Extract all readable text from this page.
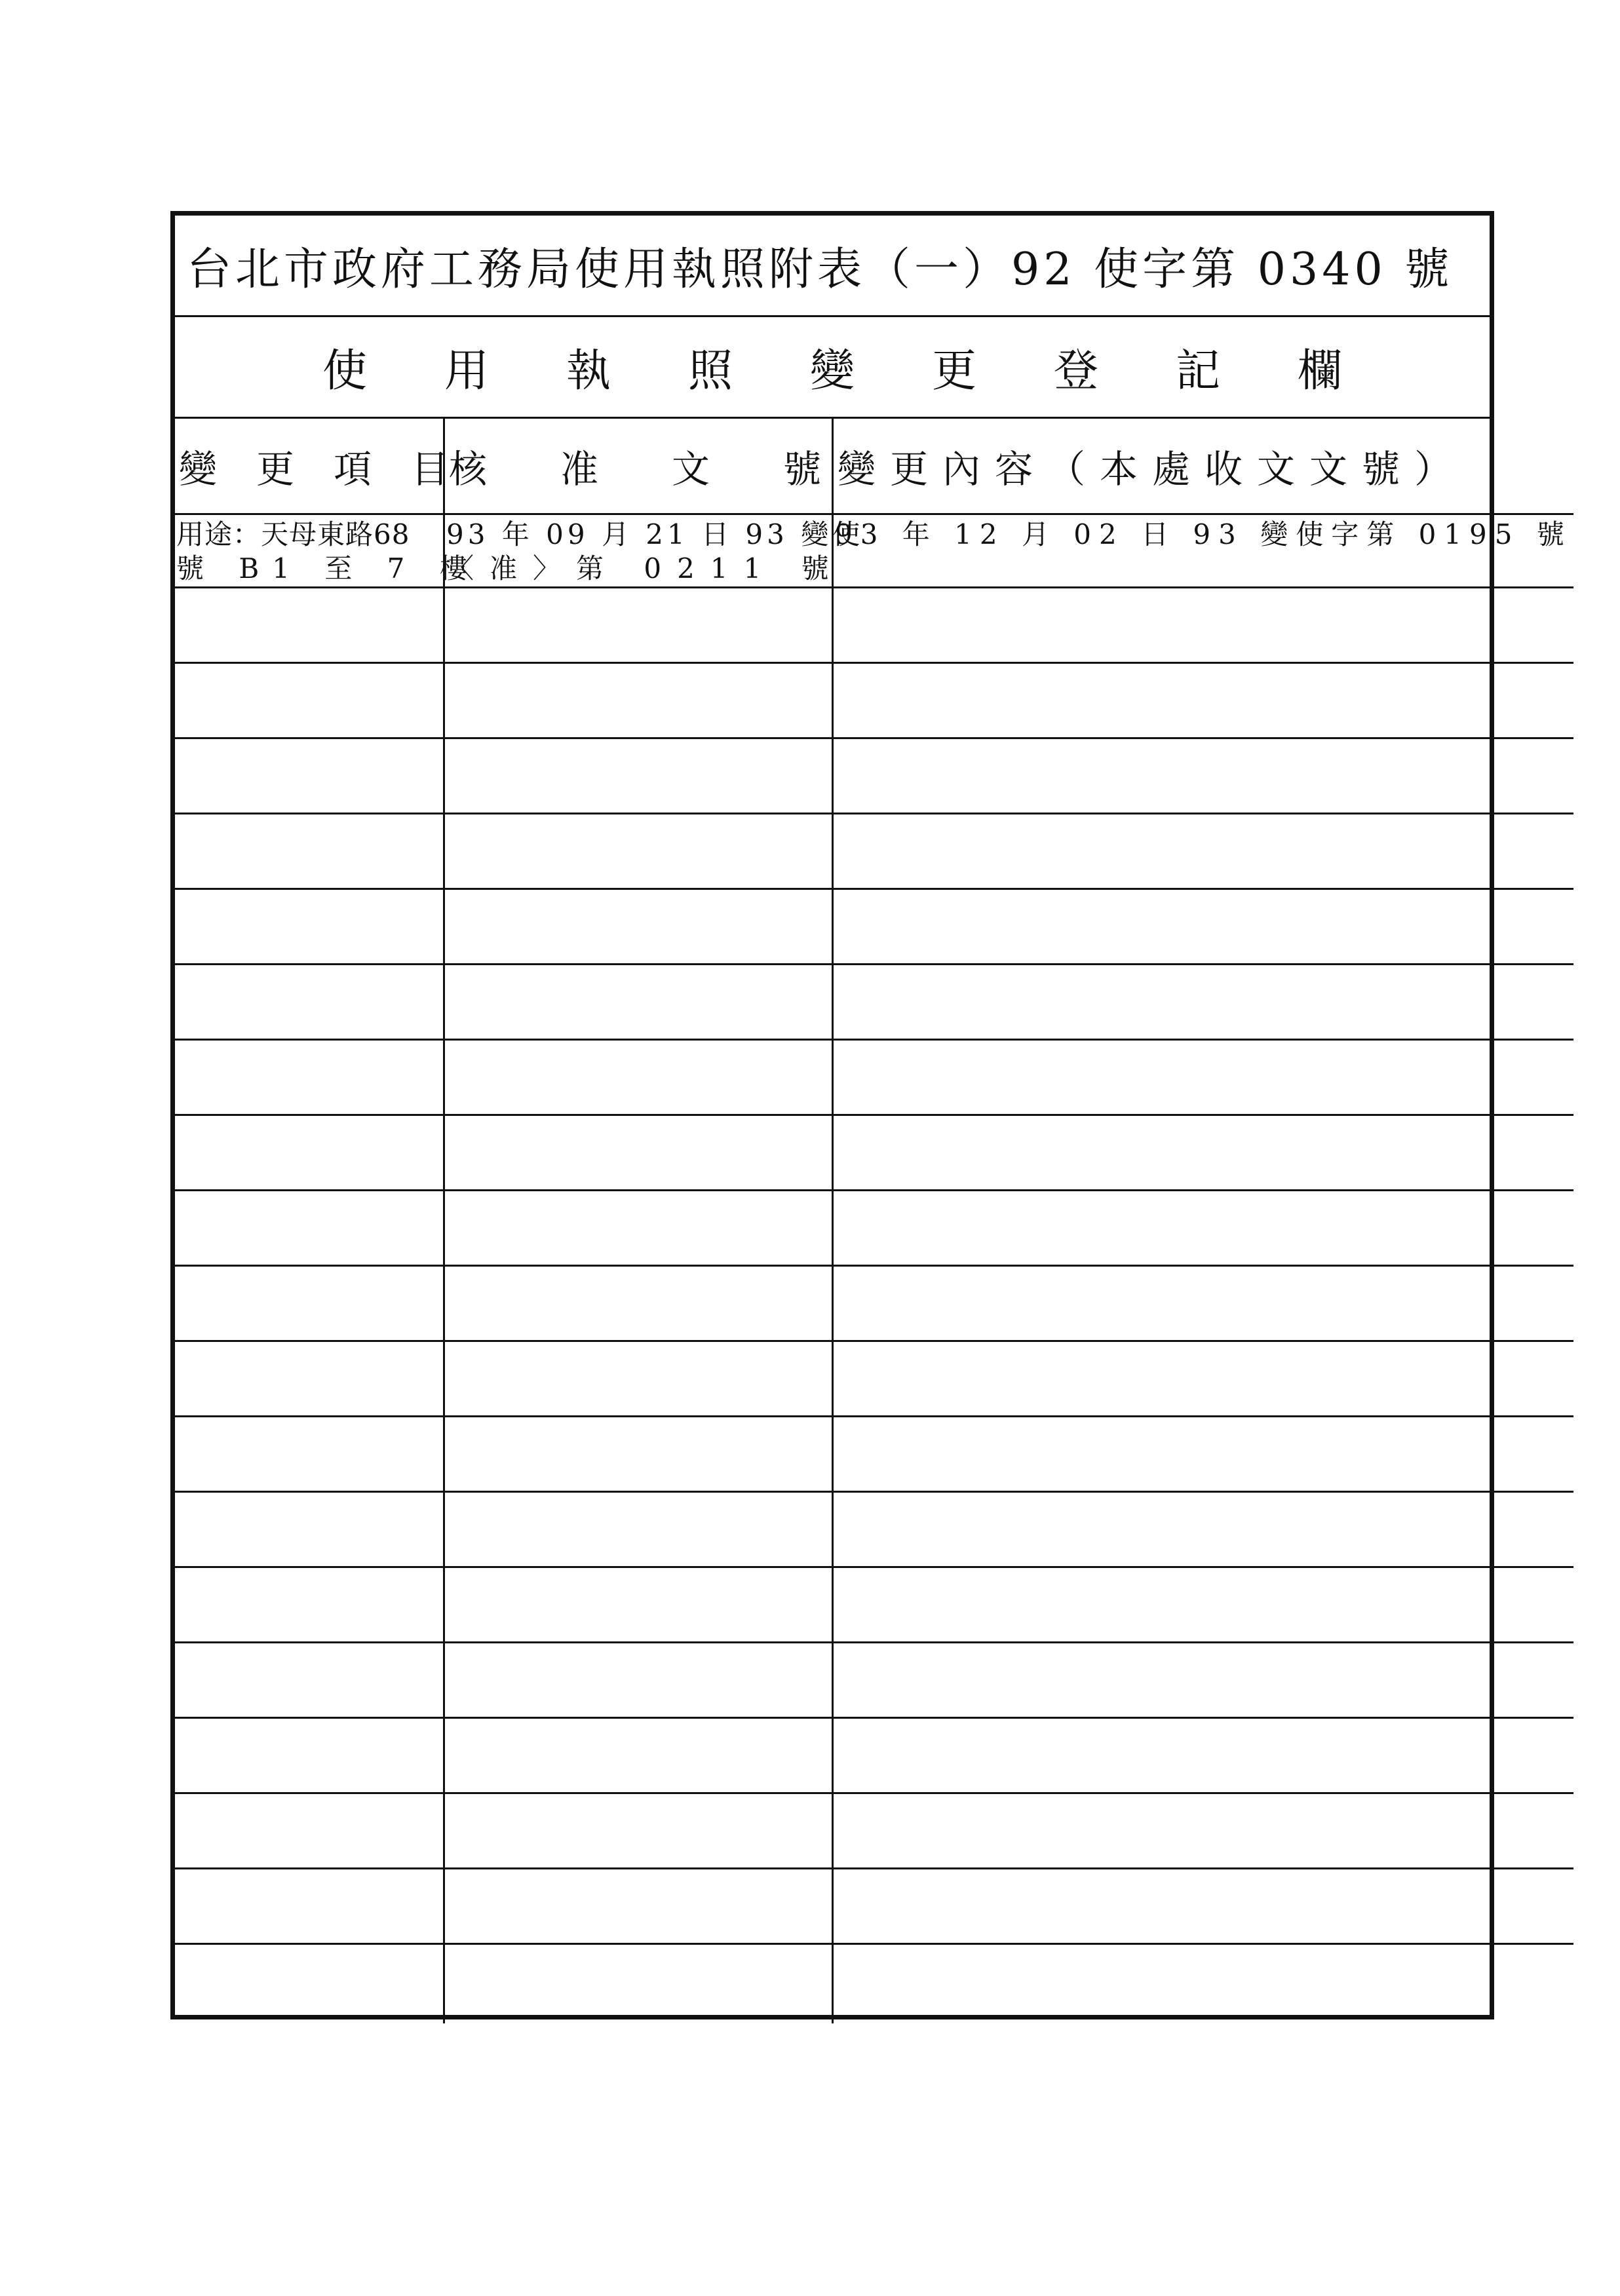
台北市政府工務局使用執照附表（一）92 使字第 0340 號
使用執照變更登記欄
變更項目
核准文號
變更內容（本處收文文號）
用途：天母東路68
號 B1 至 7 樓
93 年 09 月 21 日 93 變使
〈准〉第 0211 號
93 年 12 月 02 日 93 變使字第 0195 號
